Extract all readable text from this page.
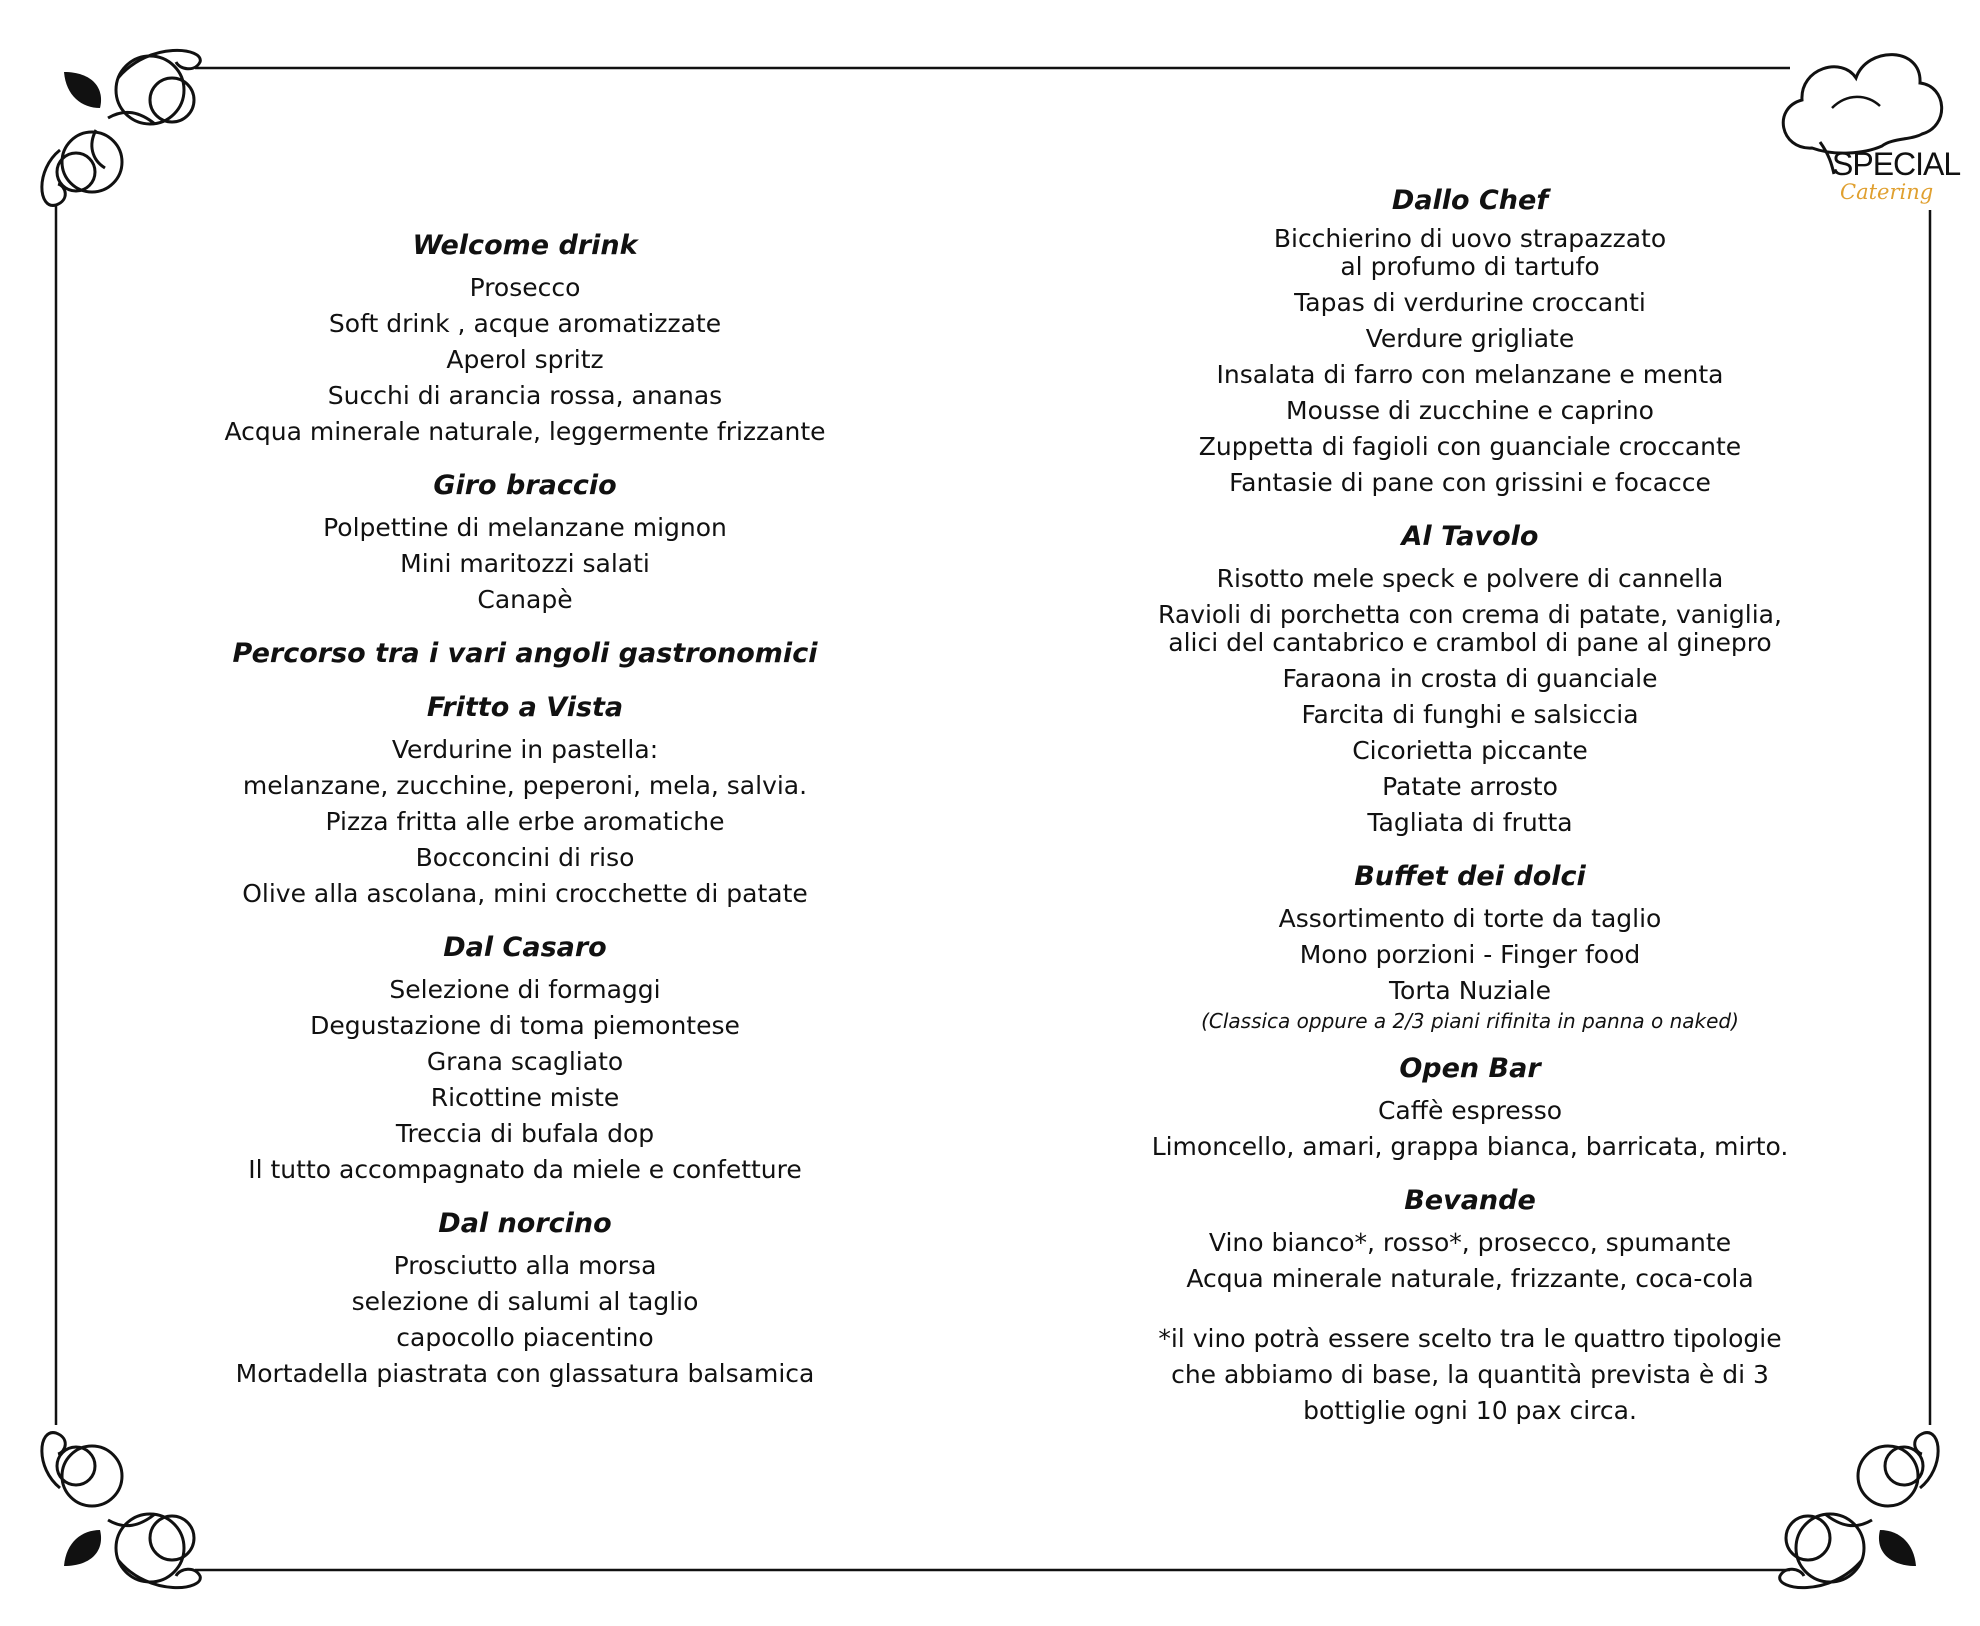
SPECIAL
Catering
Welcome drink
Prosecco
Soft drink , acque aromatizzate
Aperol spritz
Succhi di arancia rossa, ananas
Acqua minerale naturale, leggermente frizzante
Giro braccio
Polpettine di melanzane mignon
Mini maritozzi salati
Canapè
Percorso tra i vari angoli gastronomici
Fritto a Vista
Verdurine in pastella:
melanzane, zucchine, peperoni, mela, salvia.
Pizza fritta alle erbe aromatiche
Bocconcini di riso
Olive alla ascolana, mini crocchette di patate
Dal Casaro
Selezione di formaggi
Degustazione di toma piemontese
Grana scagliato
Ricottine miste
Treccia di bufala dop
Il tutto accompagnato da miele e confetture
Dal norcino
Prosciutto alla morsa
selezione di salumi al taglio
capocollo piacentino
Mortadella piastrata con glassatura balsamica
Dallo Chef
Bicchierino di uovo strapazzato
al profumo di tartufo
Tapas di verdurine croccanti
Verdure grigliate
Insalata di farro con melanzane e menta
Mousse di zucchine e caprino
Zuppetta di fagioli con guanciale croccante
Fantasie di pane con grissini e focacce
Al Tavolo
Risotto mele speck e polvere di cannella
Ravioli di porchetta con crema di patate, vaniglia,
alici del cantabrico e crambol di pane al ginepro
Faraona in crosta di guanciale
Farcita di funghi e salsiccia
Cicorietta piccante
Patate arrosto
Tagliata di frutta
Buffet dei dolci
Assortimento di torte da taglio
Mono porzioni - Finger food
Torta Nuziale
(Classica oppure a 2/3 piani rifinita in panna o naked)
Open Bar
Caffè espresso
Limoncello, amari, grappa bianca, barricata, mirto.
Bevande
Vino bianco*, rosso*, prosecco, spumante
Acqua minerale naturale, frizzante, coca-cola
*il vino potrà essere scelto tra le quattro tipologie
che abbiamo di base, la quantità prevista è di 3
bottiglie ogni 10 pax circa.
